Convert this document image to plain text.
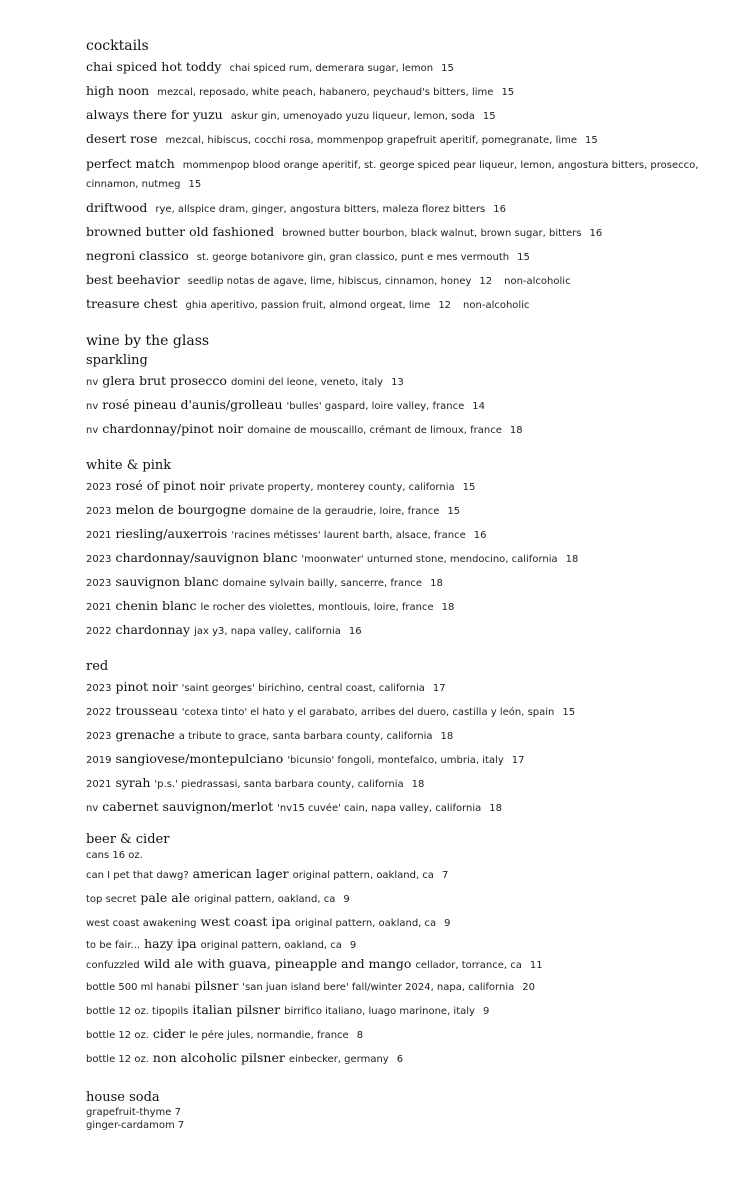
cocktails
chai spiced hot toddy chai spiced rum, demerara sugar, lemon 15
high noon mezcal, reposado, white peach, habanero, peychaud's bitters, lime 15
always there for yuzu askur gin, umenoyado yuzu liqueur, lemon, soda 15
desert rose mezcal, hibiscus, cocchi rosa, mommenpop grapefruit aperitif, pomegranate, lime 15
perfect match mommenpop blood orange aperitif, st. george spiced pear liqueur, lemon, angostura bitters, prosecco, cinnamon, nutmeg 15
driftwood rye, allspice dram, ginger, angostura bitters, maleza florez bitters 16
browned butter old fashioned browned butter bourbon, black walnut, brown sugar, bitters 16
negroni classico st. george botanivore gin, gran classico, punt e mes vermouth 15
best beehavior seedlip notas de agave, lime, hibiscus, cinnamon, honey 12 non-alcoholic
treasure chest ghia aperitivo, passion fruit, almond orgeat, lime 12 non-alcoholic
wine by the glass
sparkling
nv glera brut prosecco domini del leone, veneto, italy 13
nv rosé pineau d'aunis/grolleau 'bulles' gaspard, loire valley, france 14
nv chardonnay/pinot noir domaine de mouscaillo, crémant de limoux, france 18
white & pink
2023 rosé of pinot noir private property, monterey county, california 15
2023 melon de bourgogne domaine de la geraudrie, loire, france 15
2021 riesling/auxerrois 'racines métisses' laurent barth, alsace, france 16
2023 chardonnay/sauvignon blanc 'moonwater' unturned stone, mendocino, california 18
2023 sauvignon blanc domaine sylvain bailly, sancerre, france 18
2021 chenin blanc le rocher des violettes, montlouis, loire, france 18
2022 chardonnay jax y3, napa valley, california 16
red
2023 pinot noir 'saint georges' birichino, central coast, california 17
2022 trousseau 'cotexa tinto' el hato y el garabato, arribes del duero, castilla y león, spain 15
2023 grenache a tribute to grace, santa barbara county, california 18
2019 sangiovese/montepulciano 'bicunsio' fongoli, montefalco, umbria, italy 17
2021 syrah 'p.s.' piedrassasi, santa barbara county, california 18
nv cabernet sauvignon/merlot 'nv15 cuvée' cain, napa valley, california 18
beer & cider
cans 16 oz.
can I pet that dawg? american lager original pattern, oakland, ca 7
top secret pale ale original pattern, oakland, ca 9
west coast awakening west coast ipa original pattern, oakland, ca 9
to be fair... hazy ipa original pattern, oakland, ca 9
confuzzled wild ale with guava, pineapple and mango cellador, torrance, ca 11
bottle 500 ml hanabi pilsner 'san juan island bere' fall/winter 2024, napa, california 20
bottle 12 oz. tipopils italian pilsner birrifico italiano, luago marinone, italy 9
bottle 12 oz. cider le pére jules, normandie, france 8
bottle 12 oz. non alcoholic pilsner einbecker, germany 6
house soda
grapefruit-thyme 7
ginger-cardamom 7
